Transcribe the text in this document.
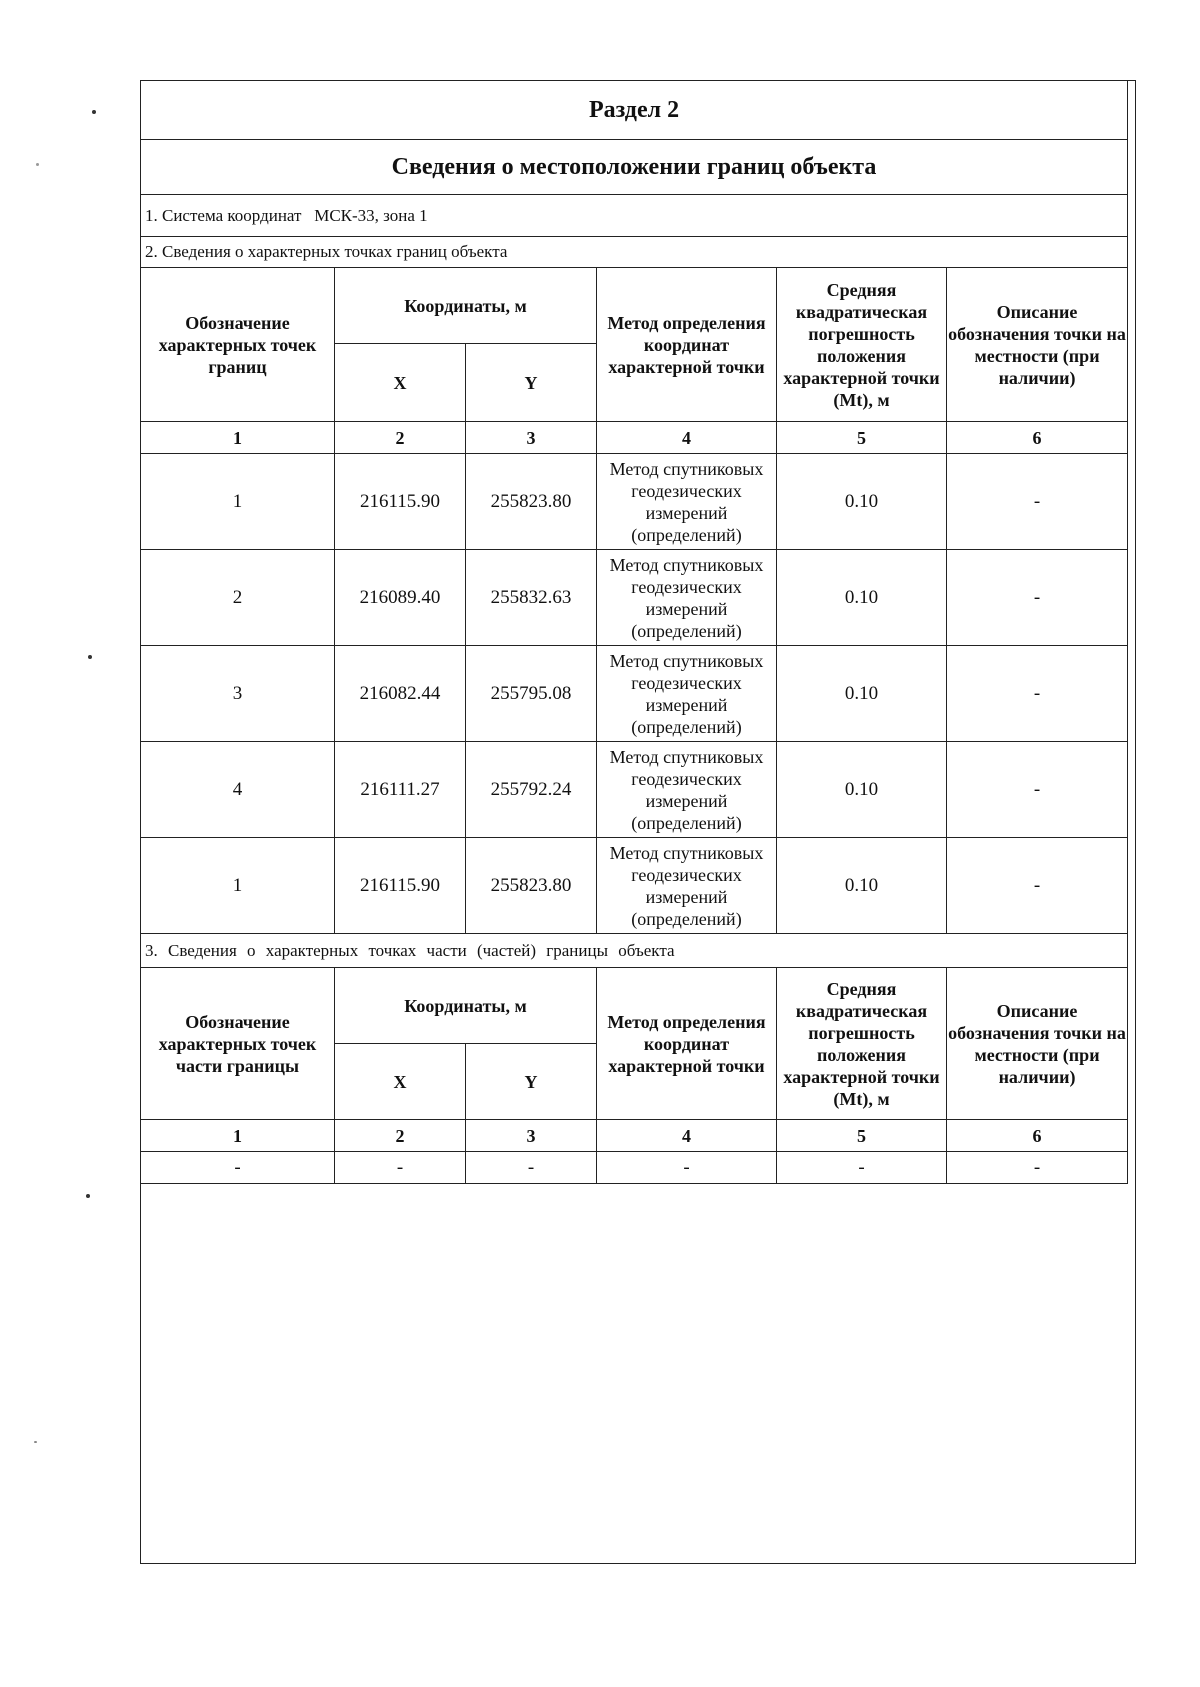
Раздел 2					
Сведения о местоположении границ объекта					
1. Система координат МСК-33, зона 1					
2. Сведения о характерных точках границ объекта					
Обозначение характерных точек границ	Координаты, м		Метод определения координат характерной точки	Средняя квадратическая погрешность положения характерной точки (Mt), м	Описание обозначения точки на местности (при наличии)
	X	Y			
1	2	3	4	5	6
1	216115.90	255823.80	Метод спутниковых геодезических измерений (определений)	0.10	-
2	216089.40	255832.63	Метод спутниковых геодезических измерений (определений)	0.10	-
3	216082.44	255795.08	Метод спутниковых геодезических измерений (определений)	0.10	-
4	216111.27	255792.24	Метод спутниковых геодезических измерений (определений)	0.10	-
1	216115.90	255823.80	Метод спутниковых геодезических измерений (определений)	0.10	-
3. Сведения о характерных точках части (частей) границы объекта					
Обозначение характерных точек части границы	Координаты, м		Метод определения координат характерной точки	Средняя квадратическая погрешность положения характерной точки (Mt), м	Описание обозначения точки на местности (при наличии)
	X	Y			
1	2	3	4	5	6
-	-	-	-	-	-
